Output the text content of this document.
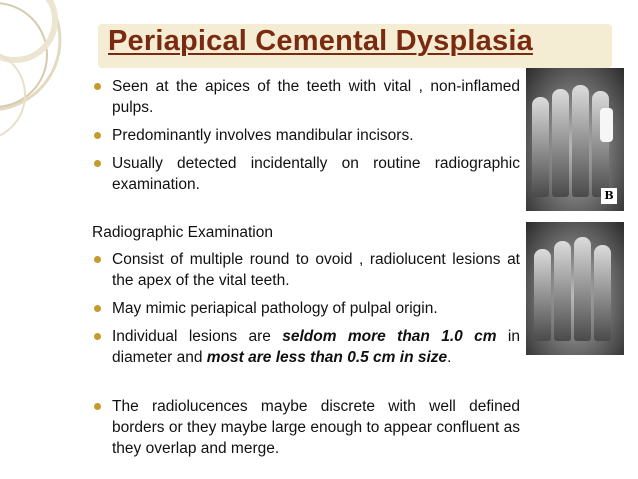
Periapical Cemental Dysplasia
Seen at the apices of the teeth with vital , non-inflamed pulps.
Predominantly involves mandibular incisors.
Usually detected incidentally on routine radiographic examination.
Radiographic Examination
Consist of multiple round to ovoid , radiolucent lesions at the apex of the vital teeth.
May mimic periapical pathology of pulpal origin.
Individual lesions are seldom more than 1.0 cm in diameter and most are less than 0.5 cm in size.
The radiolucences maybe discrete with well defined borders or they maybe large enough to appear confluent as they overlap and merge.
B
